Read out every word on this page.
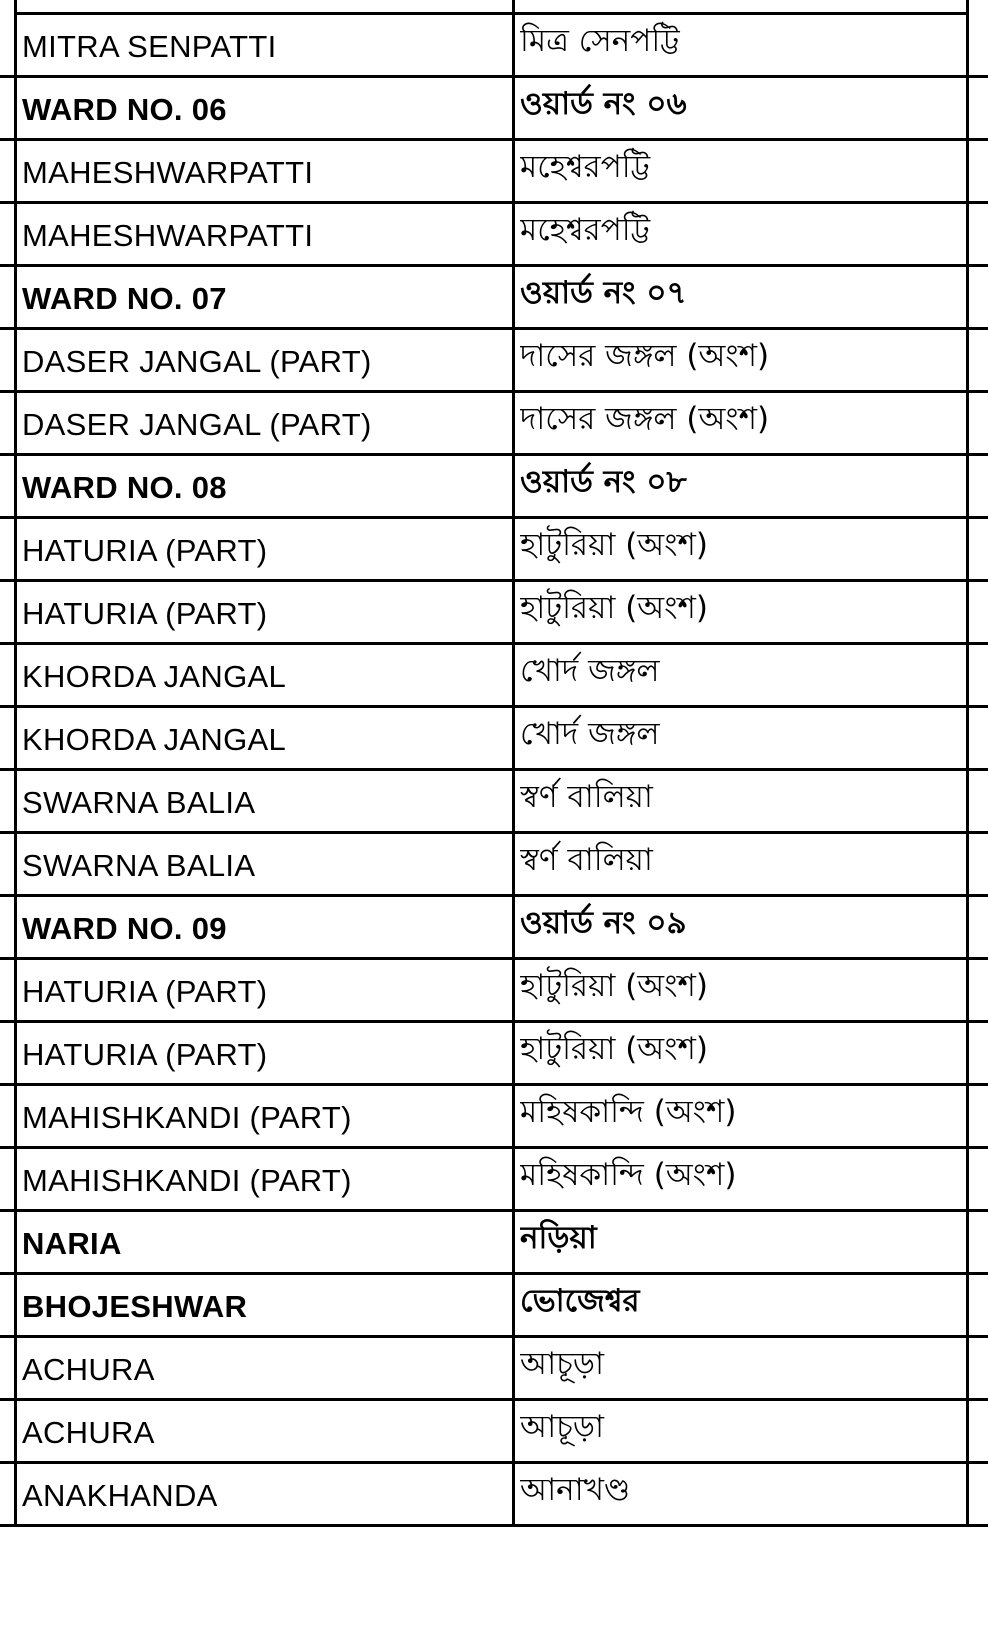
MITRA SENPATTI	মিত্র সেনপট্টি
WARD NO. 06	ওয়ার্ড নং ০৬
MAHESHWARPATTI	মহেশ্বরপট্টি
MAHESHWARPATTI	মহেশ্বরপট্টি
WARD NO. 07	ওয়ার্ড নং ০৭
DASER JANGAL (PART)	দাসের জঙ্গল (অংশ)
DASER JANGAL (PART)	দাসের জঙ্গল (অংশ)
WARD NO. 08	ওয়ার্ড নং ০৮
HATURIA (PART)	হাটুরিয়া (অংশ)
HATURIA (PART)	হাটুরিয়া (অংশ)
KHORDA JANGAL	খোর্দ জঙ্গল
KHORDA JANGAL	খোর্দ জঙ্গল
SWARNA BALIA	স্বর্ণ বালিয়া
SWARNA BALIA	স্বর্ণ বালিয়া
WARD NO. 09	ওয়ার্ড নং ০৯
HATURIA (PART)	হাটুরিয়া (অংশ)
HATURIA (PART)	হাটুরিয়া (অংশ)
MAHISHKANDI (PART)	মহিষকান্দি (অংশ)
MAHISHKANDI (PART)	মহিষকান্দি (অংশ)
NARIA	নড়িয়া
BHOJESHWAR	ভোজেশ্বর
ACHURA	আচূড়া
ACHURA	আচূড়া
ANAKHANDA	আনাখণ্ড
